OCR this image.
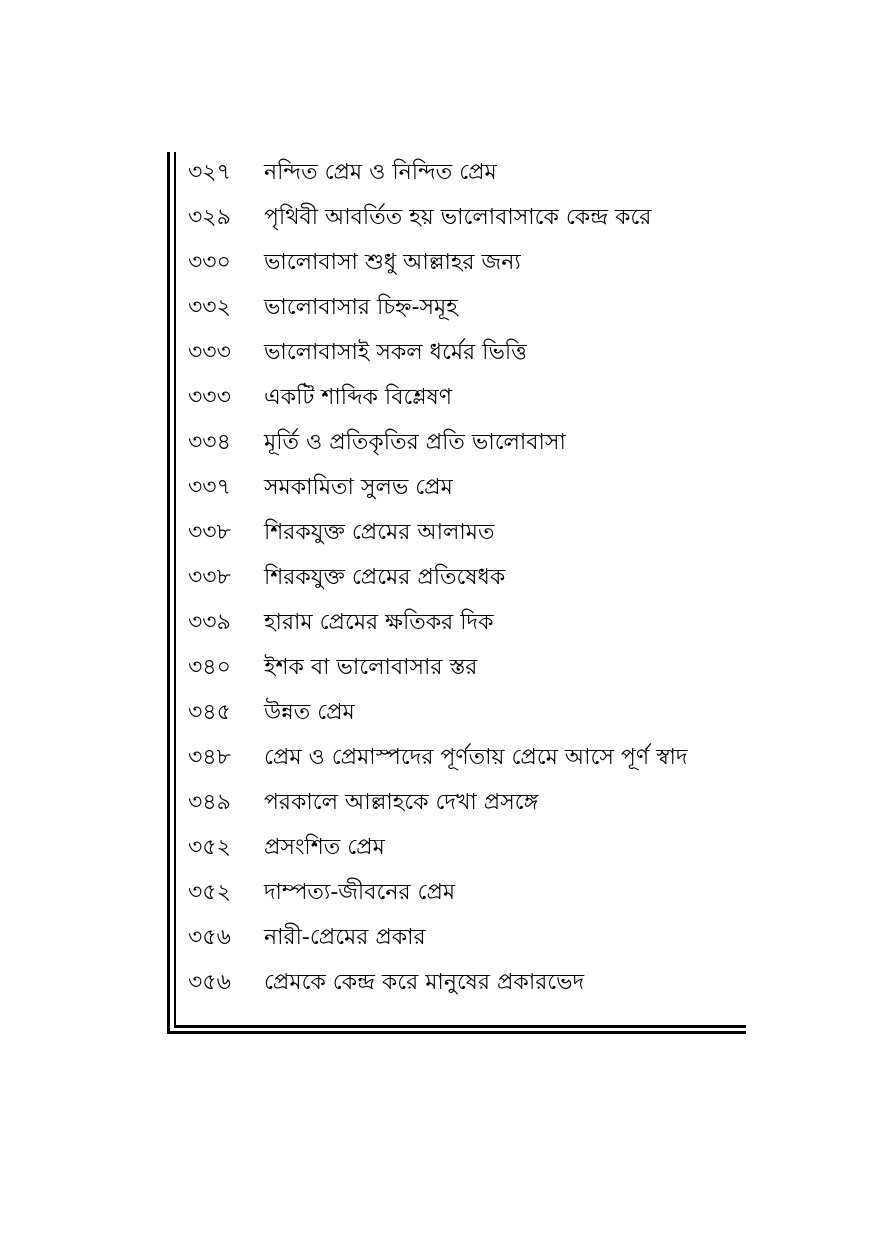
৩২৭	নন্দিত প্রেম ও নিন্দিত প্রেম
৩২৯	পৃথিবী আবর্তিত হয় ভালোবাসাকে কেন্দ্র করে
৩৩০	ভালোবাসা শুধু আল্লাহর জন্য
৩৩২	ভালোবাসার চিহ্ন-সমূহ
৩৩৩	ভালোবাসাই সকল ধর্মের ভিত্তি
৩৩৩	একটি শাব্দিক বিশ্লেষণ
৩৩৪	মূর্তি ও প্রতিকৃতির প্রতি ভালোবাসা
৩৩৭	সমকামিতা সুলভ প্রেম
৩৩৮	শিরকযুক্ত প্রেমের আলামত
৩৩৮	শিরকযুক্ত প্রেমের প্রতিষেধক
৩৩৯	হারাম প্রেমের ক্ষতিকর দিক
৩৪০	ইশক বা ভালোবাসার স্তর
৩৪৫	উন্নত প্রেম
৩৪৮	প্রেম ও প্রেমাস্পদের পূর্ণতায় প্রেমে আসে পূর্ণ স্বাদ
৩৪৯	পরকালে আল্লাহকে দেখা প্রসঙ্গে
৩৫২	প্রসংশিত প্রেম
৩৫২	দাম্পত্য-জীবনের প্রেম
৩৫৬	নারী-প্রেমের প্রকার
৩৫৬	প্রেমকে কেন্দ্র করে মানুষের প্রকারভেদ
